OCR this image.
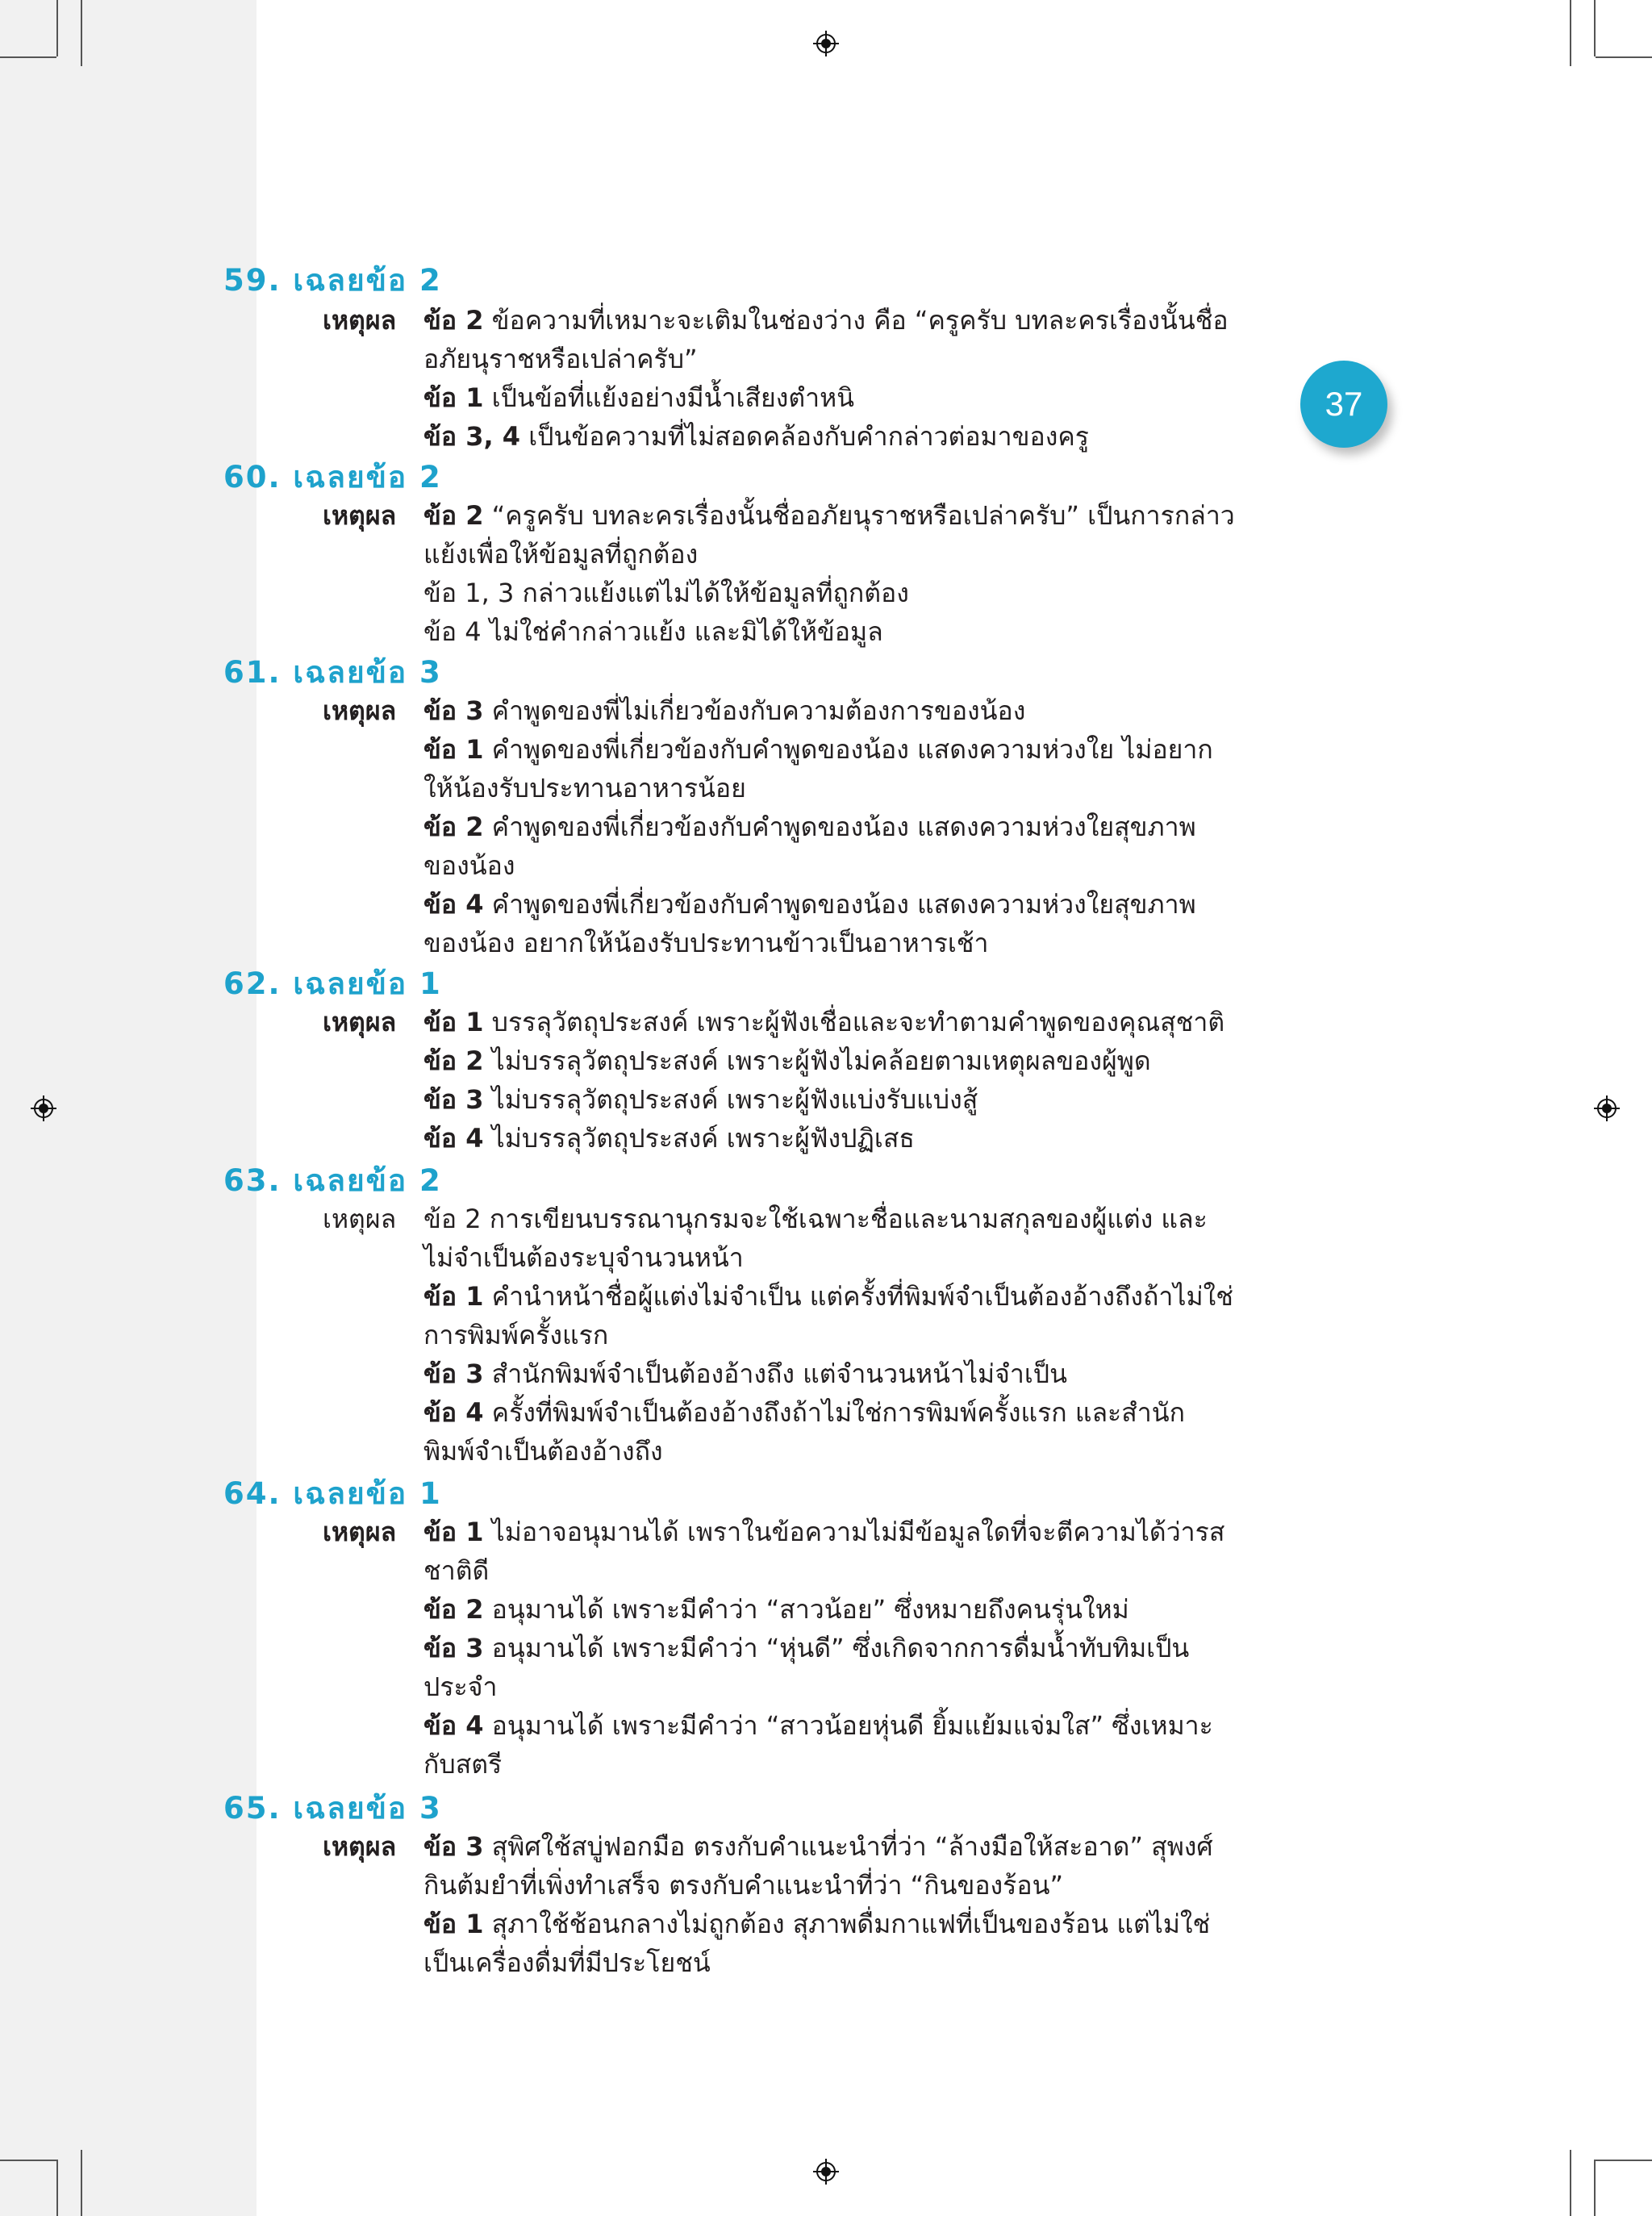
37
59. เฉลยข้อ 2
เหตุผล ข้อ 2 ข้อความที่เหมาะจะเติมในช่องว่าง คือ “ครูครับ บทละครเรื่องนั้นชื่อ
อภัยนุราชหรือเปล่าครับ”
ข้อ 1 เป็นข้อที่แย้งอย่างมีน้ำเสียงตำหนิ
ข้อ 3, 4 เป็นข้อความที่ไม่สอดคล้องกับคำกล่าวต่อมาของครู
60. เฉลยข้อ 2
เหตุผล ข้อ 2 “ครูครับ บทละครเรื่องนั้นชื่ออภัยนุราชหรือเปล่าครับ” เป็นการกล่าว
แย้งเพื่อให้ข้อมูลที่ถูกต้อง
ข้อ 1, 3 กล่าวแย้งแต่ไม่ได้ให้ข้อมูลที่ถูกต้อง
ข้อ 4 ไม่ใช่คำกล่าวแย้ง และมิได้ให้ข้อมูล
61. เฉลยข้อ 3
เหตุผล ข้อ 3 คำพูดของพี่ไม่เกี่ยวข้องกับความต้องการของน้อง
ข้อ 1 คำพูดของพี่เกี่ยวข้องกับคำพูดของน้อง แสดงความห่วงใย ไม่อยาก
ให้น้องรับประทานอาหารน้อย
ข้อ 2 คำพูดของพี่เกี่ยวข้องกับคำพูดของน้อง แสดงความห่วงใยสุขภาพ
ของน้อง
ข้อ 4 คำพูดของพี่เกี่ยวข้องกับคำพูดของน้อง แสดงความห่วงใยสุขภาพ
ของน้อง อยากให้น้องรับประทานข้าวเป็นอาหารเช้า
62. เฉลยข้อ 1
เหตุผล ข้อ 1 บรรลุวัตถุประสงค์ เพราะผู้ฟังเชื่อและจะทำตามคำพูดของคุณสุชาติ
ข้อ 2 ไม่บรรลุวัตถุประสงค์ เพราะผู้ฟังไม่คล้อยตามเหตุผลของผู้พูด
ข้อ 3 ไม่บรรลุวัตถุประสงค์ เพราะผู้ฟังแบ่งรับแบ่งสู้
ข้อ 4 ไม่บรรลุวัตถุประสงค์ เพราะผู้ฟังปฏิเสธ
63. เฉลยข้อ 2
เหตุผล ข้อ 2 การเขียนบรรณานุกรมจะใช้เฉพาะชื่อและนามสกุลของผู้แต่ง และ
ไม่จำเป็นต้องระบุจำนวนหน้า
ข้อ 1 คำนำหน้าชื่อผู้แต่งไม่จำเป็น แต่ครั้งที่พิมพ์จำเป็นต้องอ้างถึงถ้าไม่ใช่
การพิมพ์ครั้งแรก
ข้อ 3 สำนักพิมพ์จำเป็นต้องอ้างถึง แต่จำนวนหน้าไม่จำเป็น
ข้อ 4 ครั้งที่พิมพ์จำเป็นต้องอ้างถึงถ้าไม่ใช่การพิมพ์ครั้งแรก และสำนัก
พิมพ์จำเป็นต้องอ้างถึง
64. เฉลยข้อ 1
เหตุผล ข้อ 1 ไม่อาจอนุมานได้ เพราในข้อความไม่มีข้อมูลใดที่จะตีความได้ว่ารส
ชาติดี
ข้อ 2 อนุมานได้ เพราะมีคำว่า “สาวน้อย” ซึ่งหมายถึงคนรุ่นใหม่
ข้อ 3 อนุมานได้ เพราะมีคำว่า “หุ่นดี” ซึ่งเกิดจากการดื่มน้ำทับทิมเป็น
ประจำ
ข้อ 4 อนุมานได้ เพราะมีคำว่า “สาวน้อยหุ่นดี ยิ้มแย้มแจ่มใส” ซึ่งเหมาะ
กับสตรี
65. เฉลยข้อ 3
เหตุผล ข้อ 3 สุพิศใช้สบู่ฟอกมือ ตรงกับคำแนะนำที่ว่า “ล้างมือให้สะอาด” สุพงศ์
กินต้มยำที่เพิ่งทำเสร็จ ตรงกับคำแนะนำที่ว่า “กินของร้อน”
ข้อ 1 สุภาใช้ช้อนกลางไม่ถูกต้อง สุภาพดื่มกาแฟที่เป็นของร้อน แต่ไม่ใช่
เป็นเครื่องดื่มที่มีประโยชน์
